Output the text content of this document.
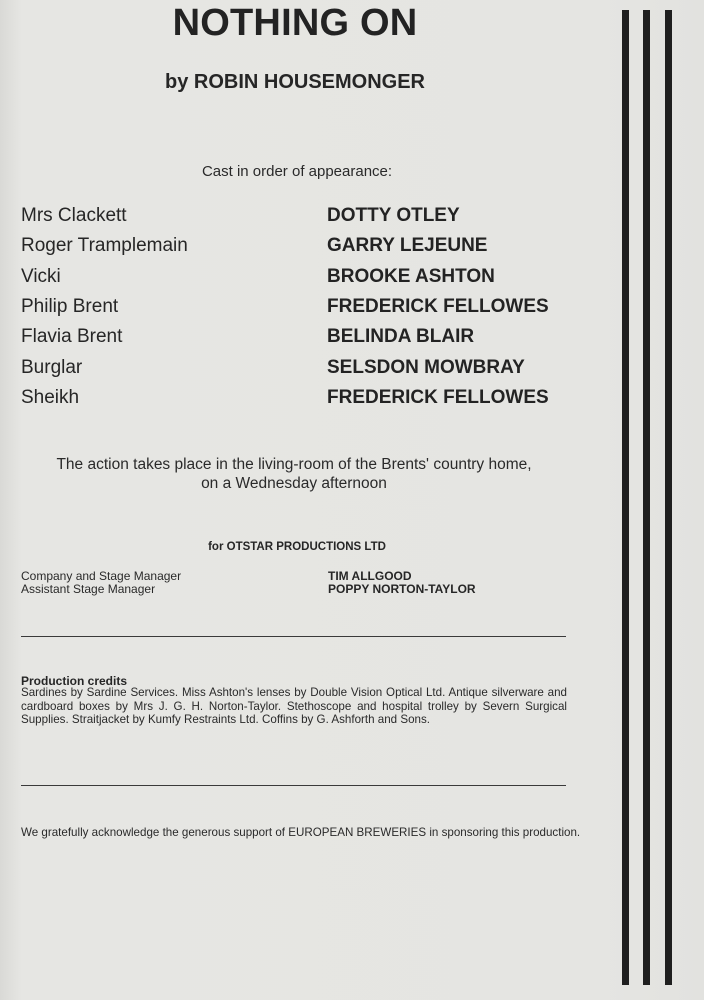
NOTHING ON
by ROBIN HOUSEMONGER
Cast in order of appearance:
Mrs Clackett	DOTTY OTLEY
Roger Tramplemain	GARRY LEJEUNE
Vicki	BROOKE ASHTON
Philip Brent	FREDERICK FELLOWES
Flavia Brent	BELINDA BLAIR
Burglar	SELSDON MOWBRAY
Sheikh	FREDERICK FELLOWES
The action takes place in the living-room of the Brents' country home,
on a Wednesday afternoon
for OTSTAR PRODUCTIONS LTD
Company and Stage Manager	TIM ALLGOOD
Assistant Stage Manager	POPPY NORTON-TAYLOR
Production credits
Sardines by Sardine Services. Miss Ashton's lenses by Double Vision Optical Ltd. Antique silverware and cardboard boxes by Mrs J. G. H. Norton-Taylor. Stethoscope and hospital trolley by Severn Surgical Supplies. Straitjacket by Kumfy Restraints Ltd. Coffins by G. Ashforth and Sons.
We gratefully acknowledge the generous support of EUROPEAN BREWERIES in sponsoring this production.
